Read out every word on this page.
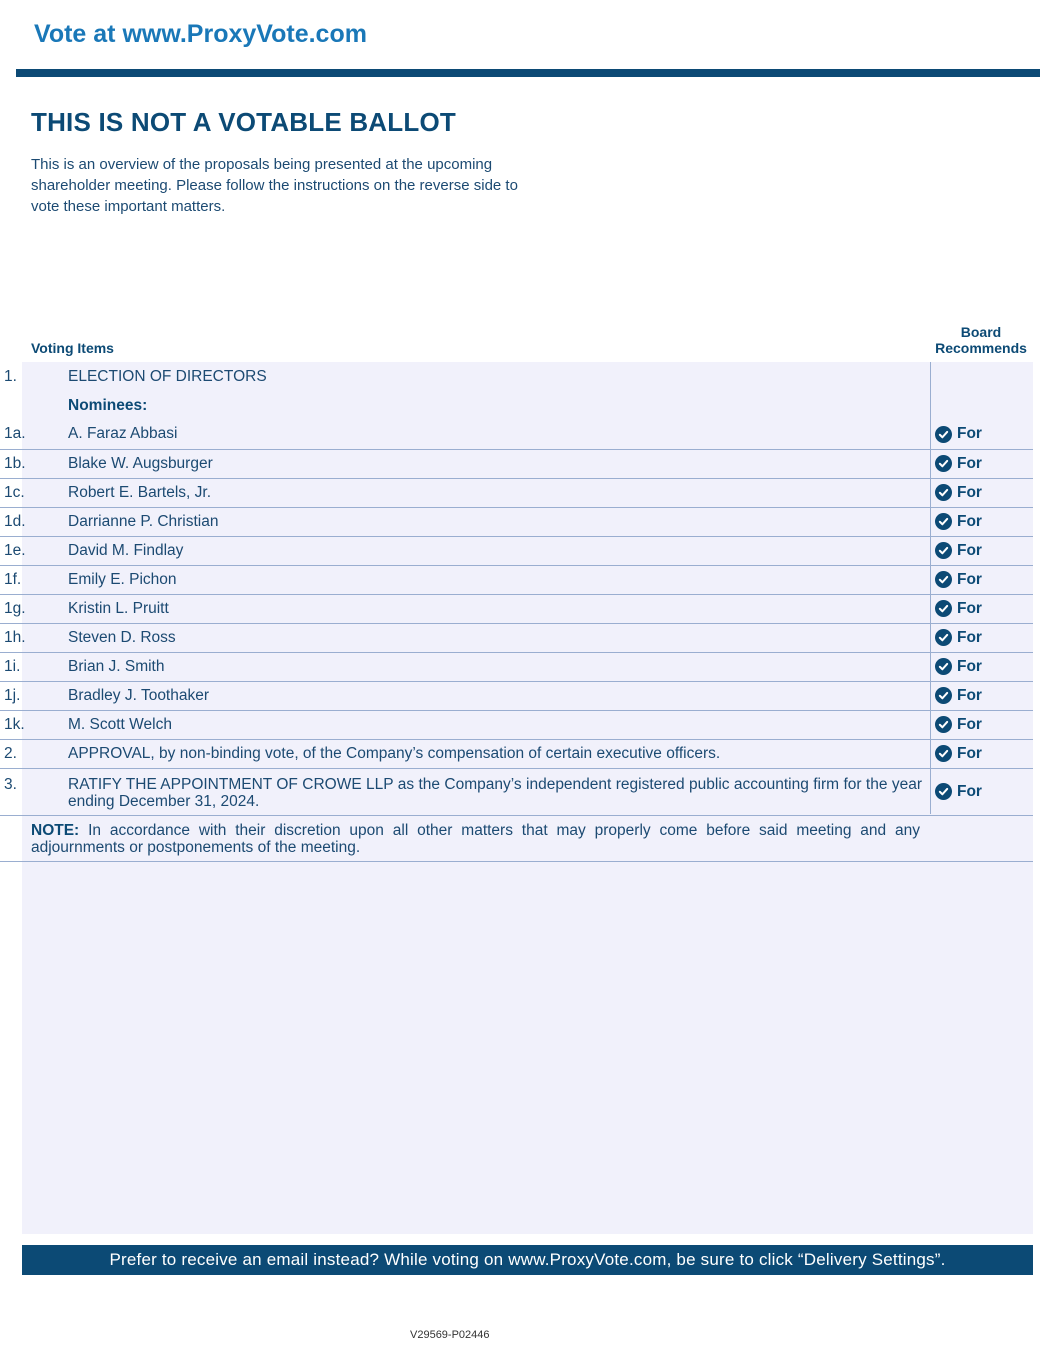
Vote at www.ProxyVote.com
THIS IS NOT A VOTABLE BALLOT
This is an overview of the proposals being presented at the upcoming shareholder meeting. Please follow the instructions on the reverse side to vote these important matters.
Voting Items
Board
Recommends
1.	ELECTION OF DIRECTORS	
	Nominees:	
1a.	A. Faraz Abbasi	For

1b.	Blake W. Augsburger	For

1c.	Robert E. Bartels, Jr.	For

1d.	Darrianne P. Christian	For

1e.	David M. Findlay	For

1f.	Emily E. Pichon	For

1g.	Kristin L. Pruitt	For

1h.	Steven D. Ross	For

1i.	Brian J. Smith	For

1j.	Bradley J. Toothaker	For

1k.	M. Scott Welch	For

2.	APPROVAL, by non-binding vote, of the Company’s compensation of certain executive officers.	For

3.	RATIFY THE APPOINTMENT OF CROWE LLP as the Company’s independent registered public accounting firm for the year ending December 31, 2024.	For

NOTE: In accordance with their discretion upon all other matters that may properly come before said meeting and any adjournments or postponements of the meeting.		
Prefer to receive an email instead? While voting on www.ProxyVote.com, be sure to click “Delivery Settings”.
V29569-P02446
